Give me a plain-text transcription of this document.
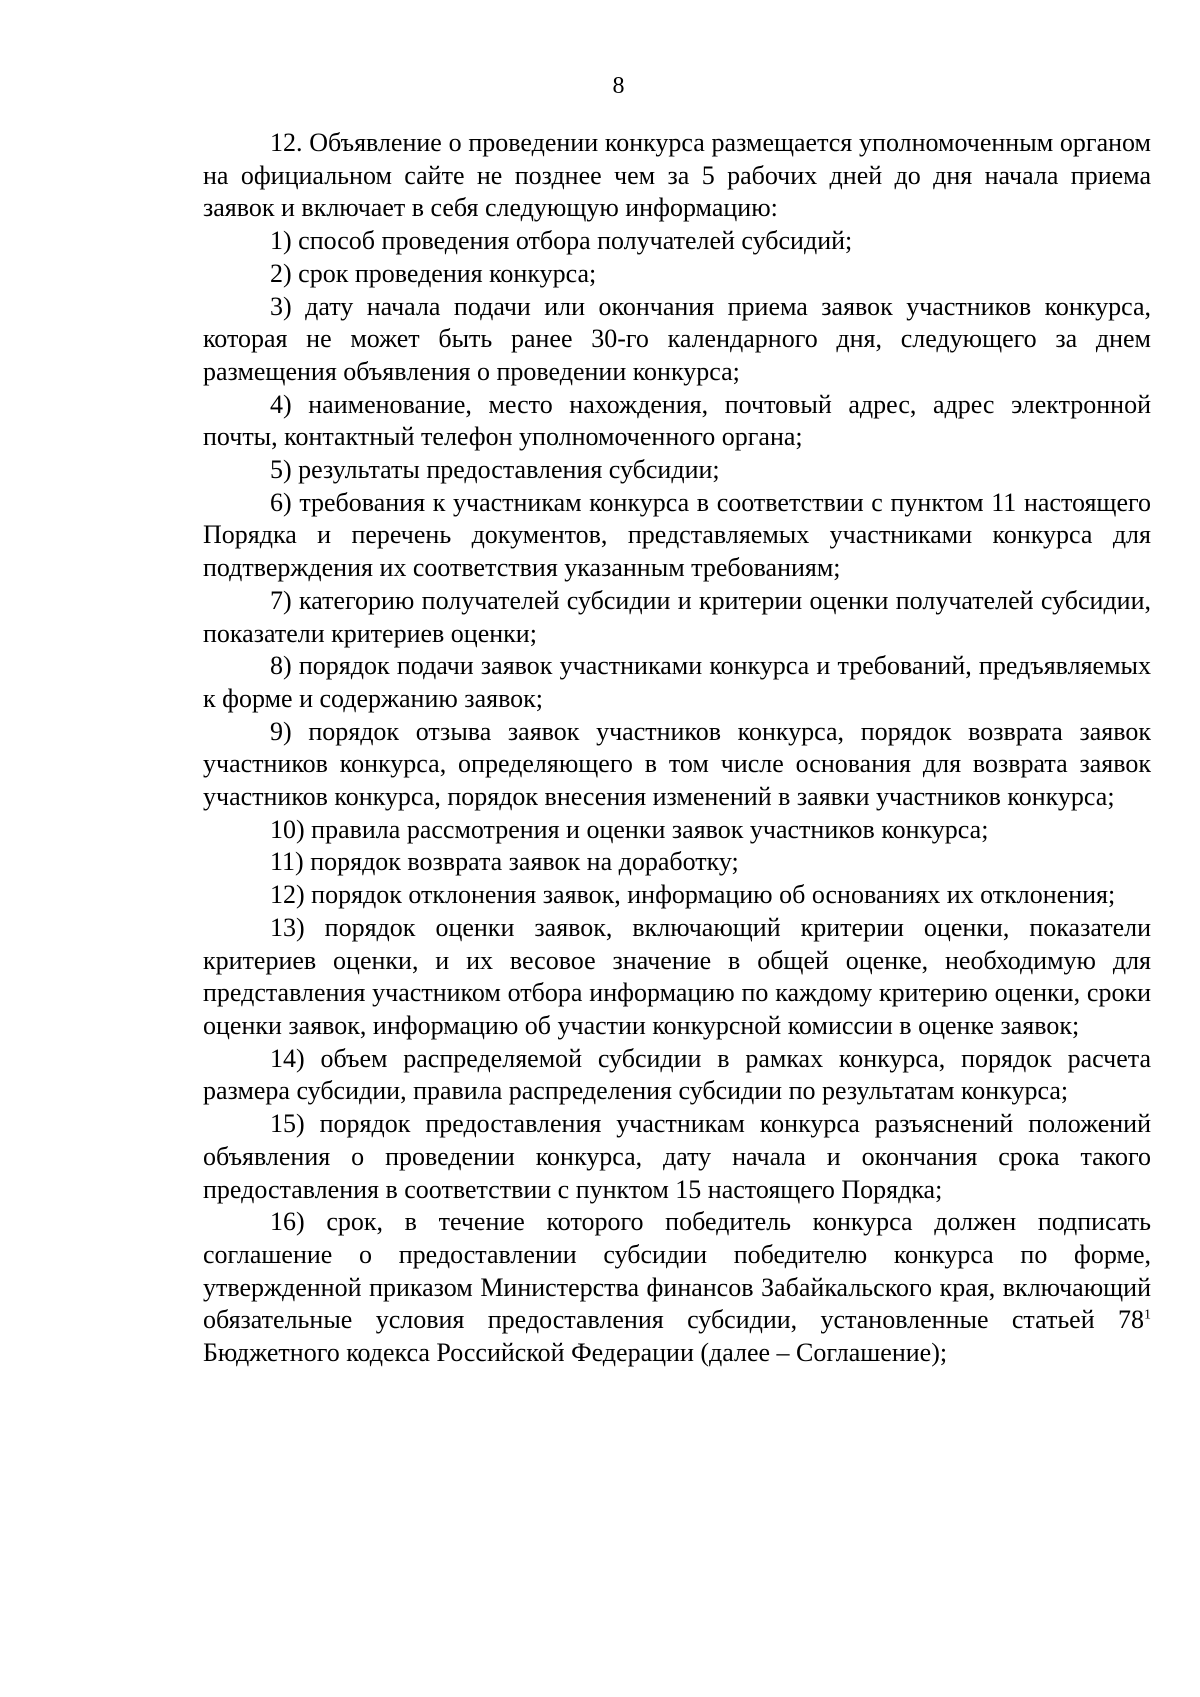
8

12. Объявление о проведении конкурса размещается уполномоченным органом на официальном сайте не позднее чем за 5 рабочих дней до дня начала приема заявок и включает в себя следующую информацию:

1) способ проведения отбора получателей субсидий;

2) срок проведения конкурса;

3) дату начала подачи или окончания приема заявок участников конкурса, которая не может быть ранее 30-го календарного дня, следующего за днем размещения объявления о проведении конкурса;

4) наименование, место нахождения, почтовый адрес, адрес электронной почты, контактный телефон уполномоченного органа;

5) результаты предоставления субсидии;

6) требования к участникам конкурса в соответствии с пунктом 11 настоящего Порядка и перечень документов, представляемых участниками конкурса для подтверждения их соответствия указанным требованиям;

7) категорию получателей субсидии и критерии оценки получателей субсидии, показатели критериев оценки;

8) порядок подачи заявок участниками конкурса и требований, предъявляемых к форме и содержанию заявок;

9) порядок отзыва заявок участников конкурса, порядок возврата заявок участников конкурса, определяющего в том числе основания для возврата заявок участников конкурса, порядок внесения изменений в заявки участников конкурса;

10) правила рассмотрения и оценки заявок участников конкурса;

11) порядок возврата заявок на доработку;

12) порядок отклонения заявок, информацию об основаниях их отклонения;

13) порядок оценки заявок, включающий критерии оценки, показатели критериев оценки, и их весовое значение в общей оценке, необходимую для представления участником отбора информацию по каждому критерию оценки, сроки оценки заявок, информацию об участии конкурсной комиссии в оценке заявок;

14) объем распределяемой субсидии в рамках конкурса, порядок расчета размера субсидии, правила распределения субсидии по результатам конкурса;

15) порядок предоставления участникам конкурса разъяснений положений объявления о проведении конкурса, дату начала и окончания срока такого предоставления в соответствии с пунктом 15 настоящего Порядка;

16) срок, в течение которого победитель конкурса должен подписать соглашение о предоставлении субсидии победителю конкурса по форме, утвержденной приказом Министерства финансов Забайкальского края, включающий обязательные условия предоставления субсидии, установленные статьей $78^1$ Бюджетного кодекса Российской Федерации (далее – Соглашение);
